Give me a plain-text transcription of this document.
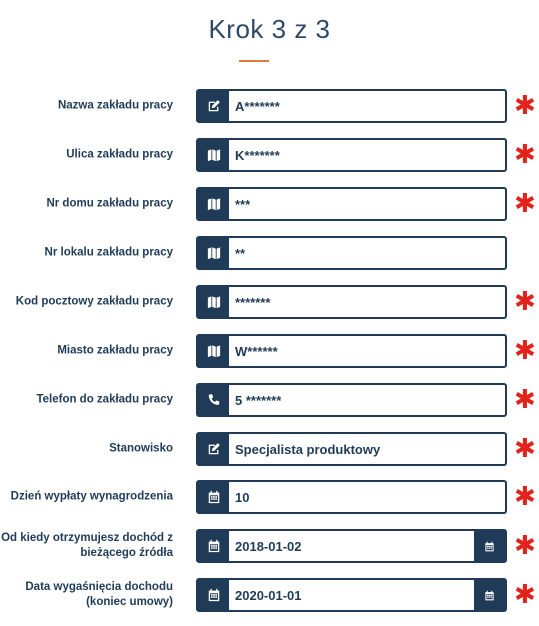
Krok 3 z 3
Nazwa zakładu pracy
A*******	✱
Ulica zakładu pracy
K*******	✱
Nr domu zakładu pracy
***	✱
Nr lokalu zakładu pracy
**
Kod pocztowy zakładu pracy
*******	✱
Miasto zakładu pracy
W******	✱
Telefon do zakładu pracy
5 *******	✱
Stanowisko
Specjalista produktowy	✱
Dzień wypłaty wynagrodzenia
10	✱
Od kiedy otrzymujesz dochód z bieżącego źródła
2018-01-02	✱
Data wygaśnięcia dochodu (koniec umowy)
2020-01-01	✱
